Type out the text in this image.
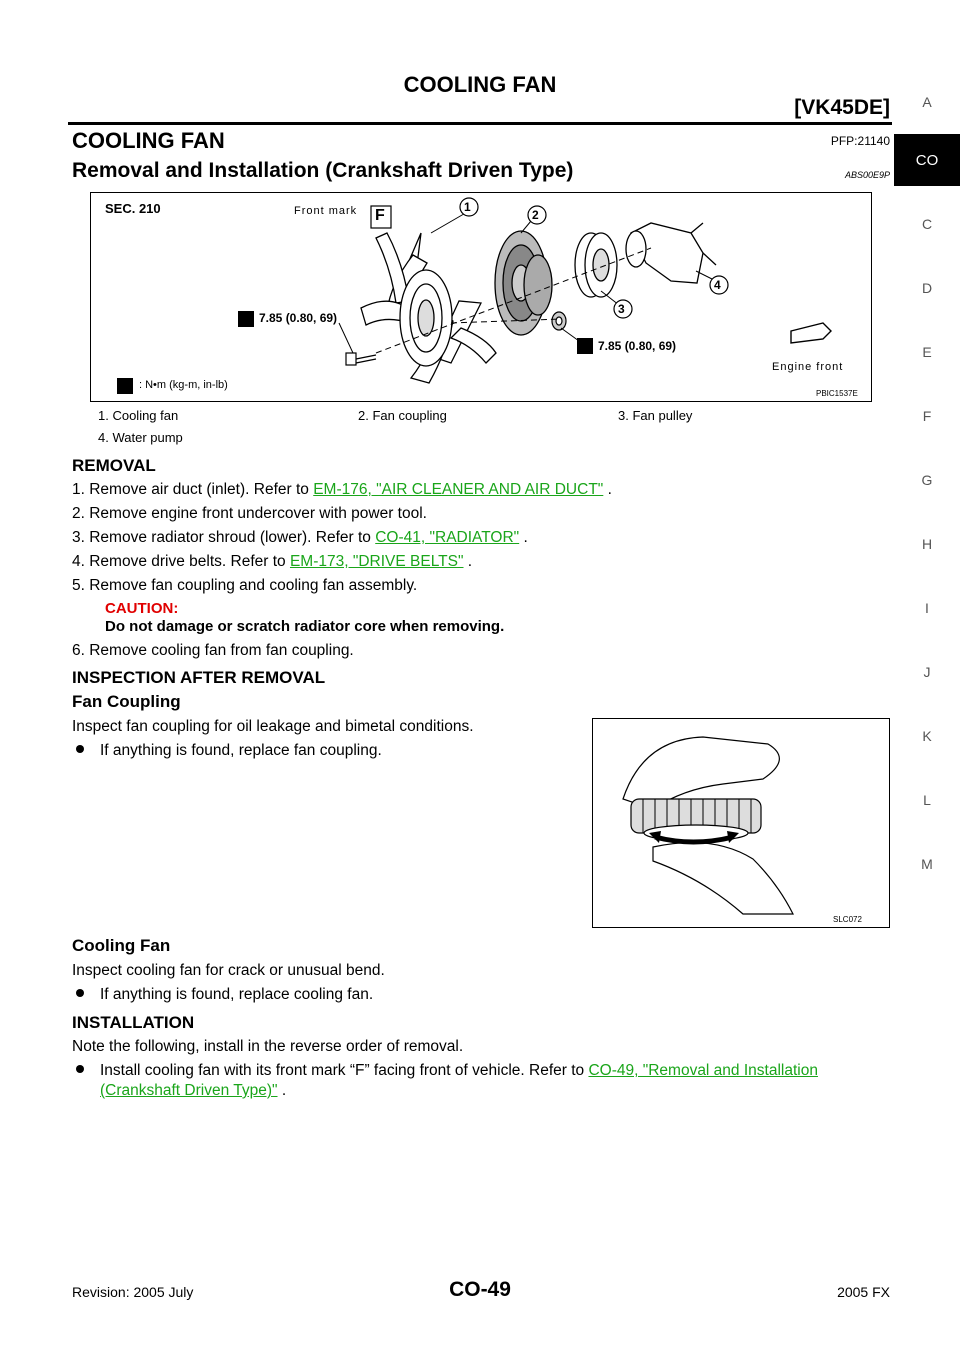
COOLING FAN
[VK45DE]	A
CO
C
D
E
F
G
H
I
J
K
L
M
COOLING FAN	PFP:21140
Removal and Installation (Crankshaft Driven Type)	ABS00E9P
SEC. 210	Front mark F	1
2
3
4
7.85 (0.80, 69)
7.85 (0.80, 69)
: N•m (kg-m, in-lb)
Engine front
PBIC1537E
1. Cooling fan	2. Fan coupling	3. Fan pulley
4. Water pump
REMOVAL
1. Remove air duct (inlet). Refer to EM-176, "AIR CLEANER AND AIR DUCT" .
2. Remove engine front undercover with power tool.
3. Remove radiator shroud (lower). Refer to CO-41, "RADIATOR" .
4. Remove drive belts. Refer to EM-173, "DRIVE BELTS" .
5. Remove fan coupling and cooling fan assembly.
CAUTION:
Do not damage or scratch radiator core when removing.
6. Remove cooling fan from fan coupling.
INSPECTION AFTER REMOVAL
Fan Coupling
Inspect fan coupling for oil leakage and bimetal conditions.
If anything is found, replace fan coupling.
SLC072
Cooling Fan
Inspect cooling fan for crack or unusual bend.
If anything is found, replace cooling fan.
INSTALLATION
Note the following, install in the reverse order of removal.
Install cooling fan with its front mark “F” facing front of vehicle. Refer to CO-49, "Removal and Installation
(Crankshaft Driven Type)" .
Revision: 2005 July	CO-49	2005 FX
